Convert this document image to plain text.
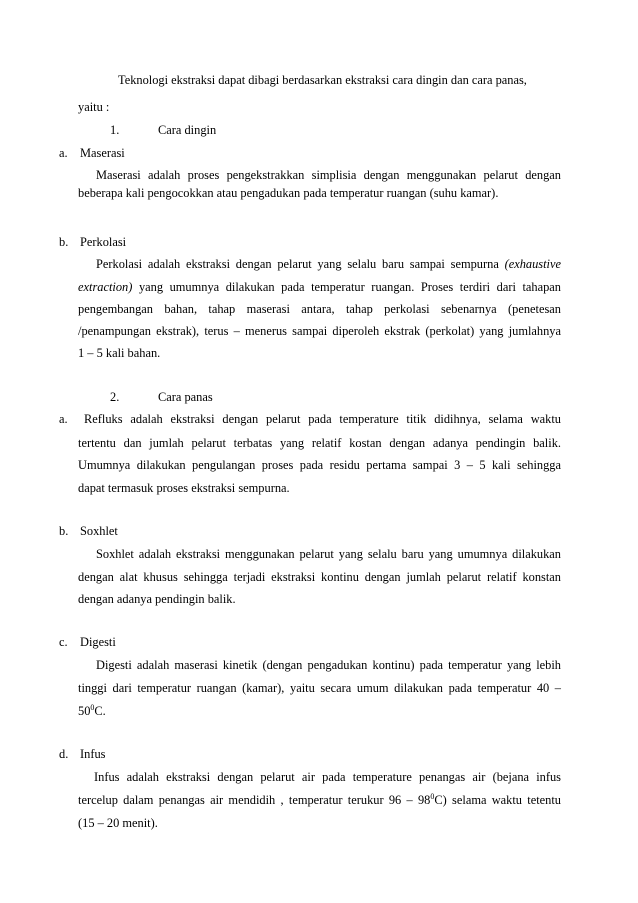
Teknologi ekstraksi dapat dibagi berdasarkan ekstraksi cara dingin dan cara panas,
yaitu :
1.	Cara dingin
a. Maserasi
Maserasi adalah proses pengekstrakkan simplisia dengan menggunakan pelarut dengan
beberapa kali pengocokkan atau pengadukan pada temperatur ruangan (suhu kamar).
b. Perkolasi
Perkolasi adalah ekstraksi dengan pelarut yang selalu baru sampai sempurna (exhaustive
extraction) yang umumnya dilakukan pada temperatur ruangan. Proses terdiri dari tahapan
pengembangan bahan, tahap maserasi antara, tahap perkolasi sebenarnya (penetesan
/penampungan ekstrak), terus – menerus sampai diperoleh ekstrak (perkolat) yang jumlahnya
1 – 5 kali bahan.
2.	Cara panas
a. Refluks adalah ekstraksi dengan pelarut pada temperature titik didihnya, selama waktu
tertentu dan jumlah pelarut terbatas yang relatif kostan dengan adanya pendingin balik.
Umumnya dilakukan pengulangan proses pada residu pertama sampai 3 – 5 kali sehingga
dapat termasuk proses ekstraksi sempurna.
b. Soxhlet
Soxhlet adalah ekstraksi menggunakan pelarut yang selalu baru yang umumnya dilakukan
dengan alat khusus sehingga terjadi ekstraksi kontinu dengan jumlah pelarut relatif konstan
dengan adanya pendingin balik.
c. Digesti
Digesti adalah maserasi kinetik (dengan pengadukan kontinu) pada temperatur yang lebih
tinggi dari temperatur ruangan (kamar), yaitu secara umum dilakukan pada temperatur 40 –
$50^0C$.
d. Infus
Infus adalah ekstraksi dengan pelarut air pada temperature penangas air (bejana infus
tercelup dalam penangas air mendidih , temperatur terukur $96 - 98^0C$) selama waktu tetentu
(15 – 20 menit).
